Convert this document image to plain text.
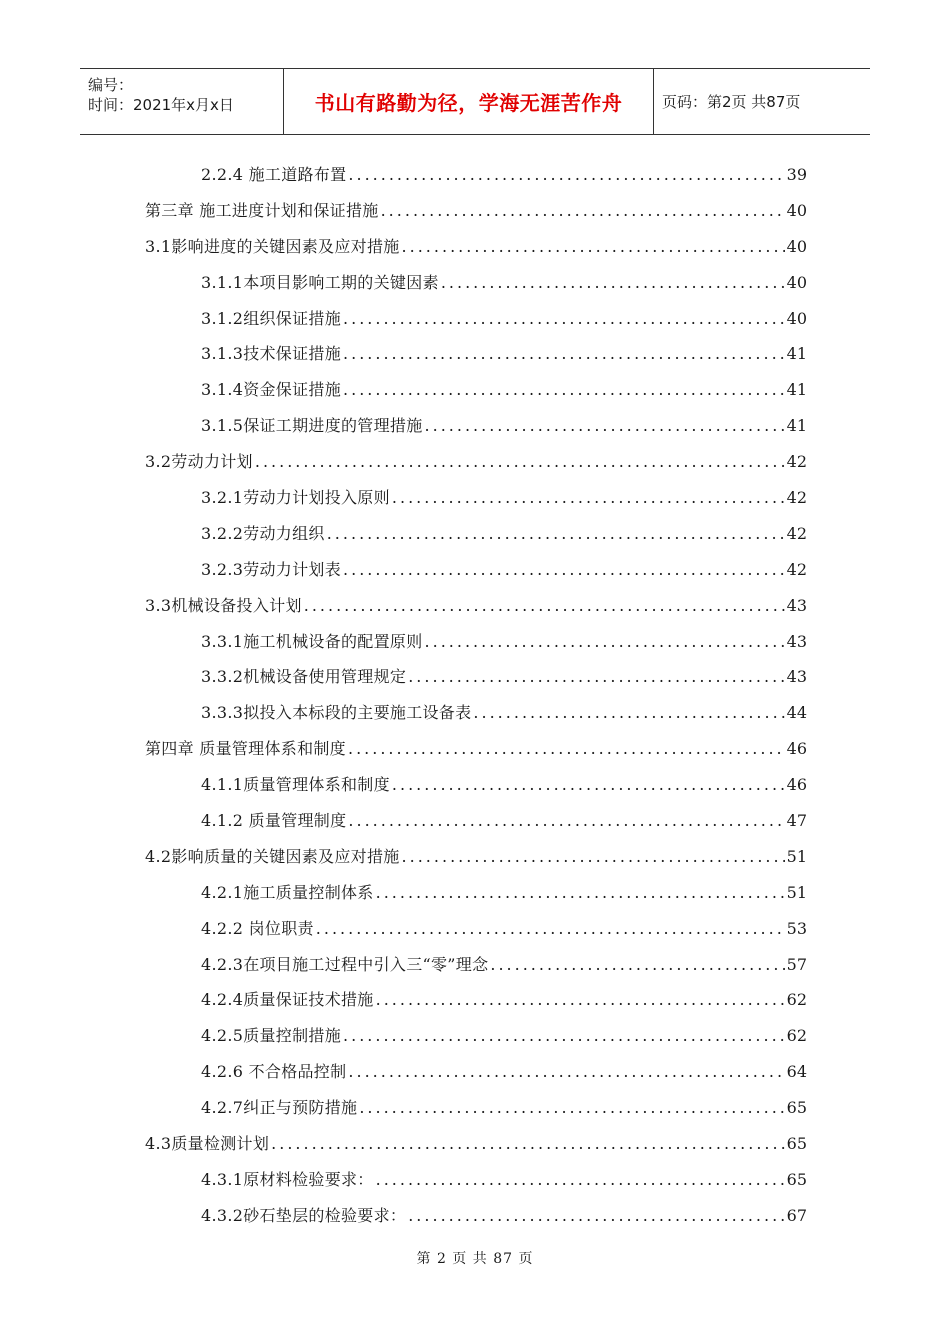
编号：
时间：2021年x月x日	书山有路勤为径，学海无涯苦作舟	页码：第2页 共87页
2.2.4 施工道路布置 .....	39
第三章 施工进度计划和保证措施 .....	40
3.1影响进度的关键因素及应对措施 .....	40
3.1.1本项目影响工期的关键因素 .....	40
3.1.2组织保证措施 .....	40
3.1.3技术保证措施 .....	41
3.1.4资金保证措施 .....	41
3.1.5保证工期进度的管理措施 .....	41
3.2劳动力计划 .....	42
3.2.1劳动力计划投入原则 .....	42
3.2.2劳动力组织 .....	42
3.2.3劳动力计划表 .....	42
3.3机械设备投入计划 .....	43
3.3.1施工机械设备的配置原则 .....	43
3.3.2机械设备使用管理规定 .....	43
3.3.3拟投入本标段的主要施工设备表 .....	44
第四章 质量管理体系和制度 .....	46
4.1.1质量管理体系和制度 .....	46
4.1.2 质量管理制度 .....	47
4.2影响质量的关键因素及应对措施 .....	51
4.2.1施工质量控制体系 .....	51
4.2.2 岗位职责 .....	53
4.2.3在项目施工过程中引入三“零”理念 .....	57
4.2.4质量保证技术措施 .....	62
4.2.5质量控制措施 .....	62
4.2.6 不合格品控制 .....	64
4.2.7纠正与预防措施 .....	65
4.3质量检测计划 .....	65
4.3.1原材料检验要求： .....	65
4.3.2砂石垫层的检验要求： .....	67
第 2 页 共 87 页
